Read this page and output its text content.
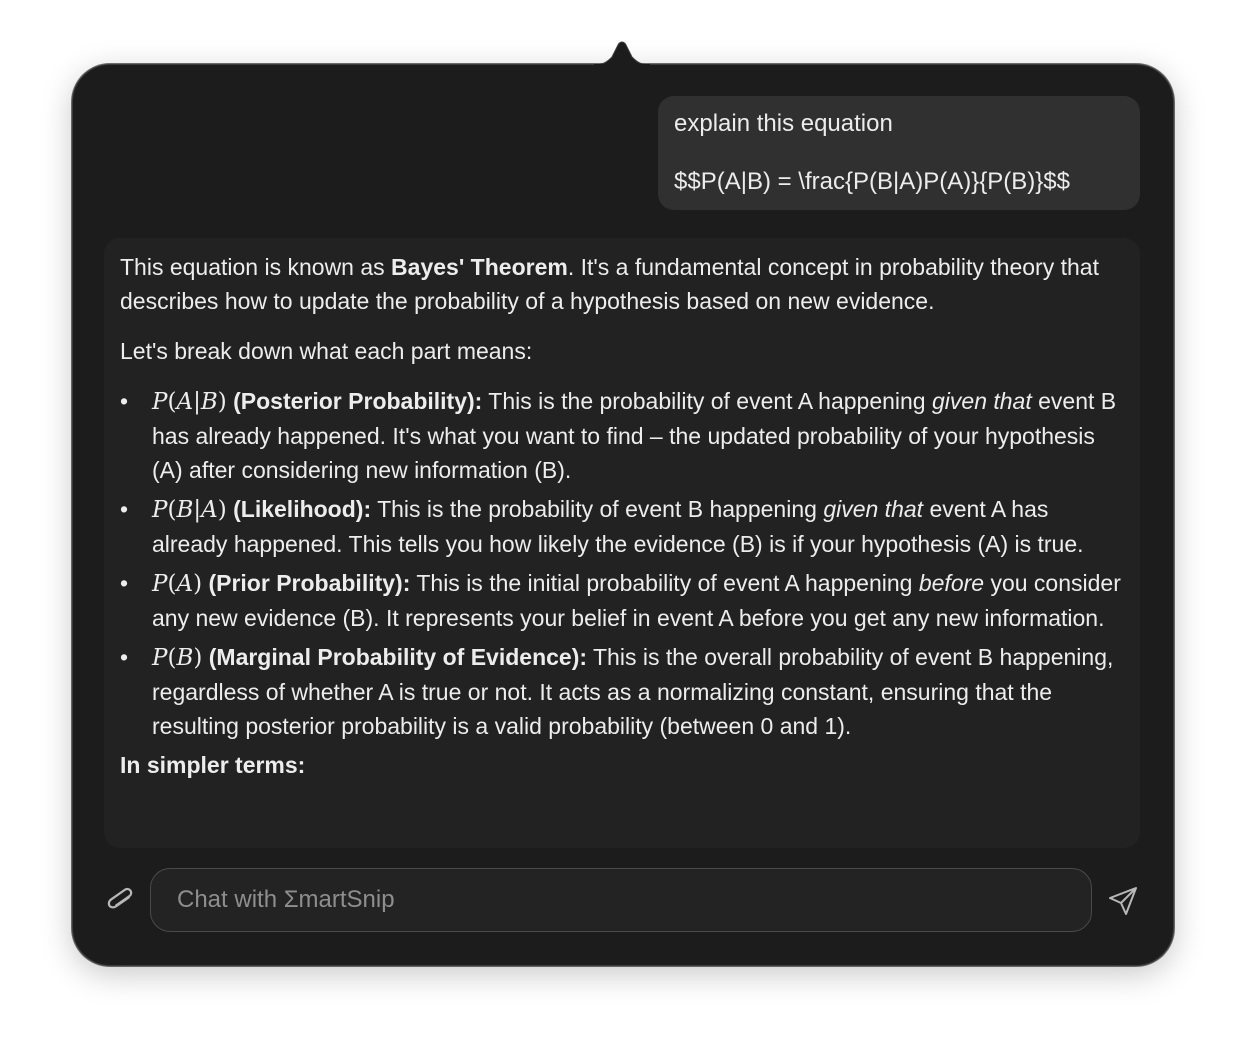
explain this equation

$$P(A|B) = \frac{P(B|A)P(A)}{P(B)}$$

This equation is known as Bayes' Theorem. It's a fundamental concept in probability theory that describes how to update the probability of a hypothesis based on new evidence.

Let's break down what each part means:

• P(A|B) (Posterior Probability): This is the probability of event A happening given that event B has already happened. It's what you want to find – the updated probability of your hypothesis (A) after considering new information (B).
• P(B|A) (Likelihood): This is the probability of event B happening given that event A has already happened. This tells you how likely the evidence (B) is if your hypothesis (A) is true.
• P(A) (Prior Probability): This is the initial probability of event A happening before you consider any new evidence (B). It represents your belief in event A before you get any new information.
• P(B) (Marginal Probability of Evidence): This is the overall probability of event B happening, regardless of whether A is true or not. It acts as a normalizing constant, ensuring that the resulting posterior probability is a valid probability (between 0 and 1).

In simpler terms:

Chat with ΣmartSnip
